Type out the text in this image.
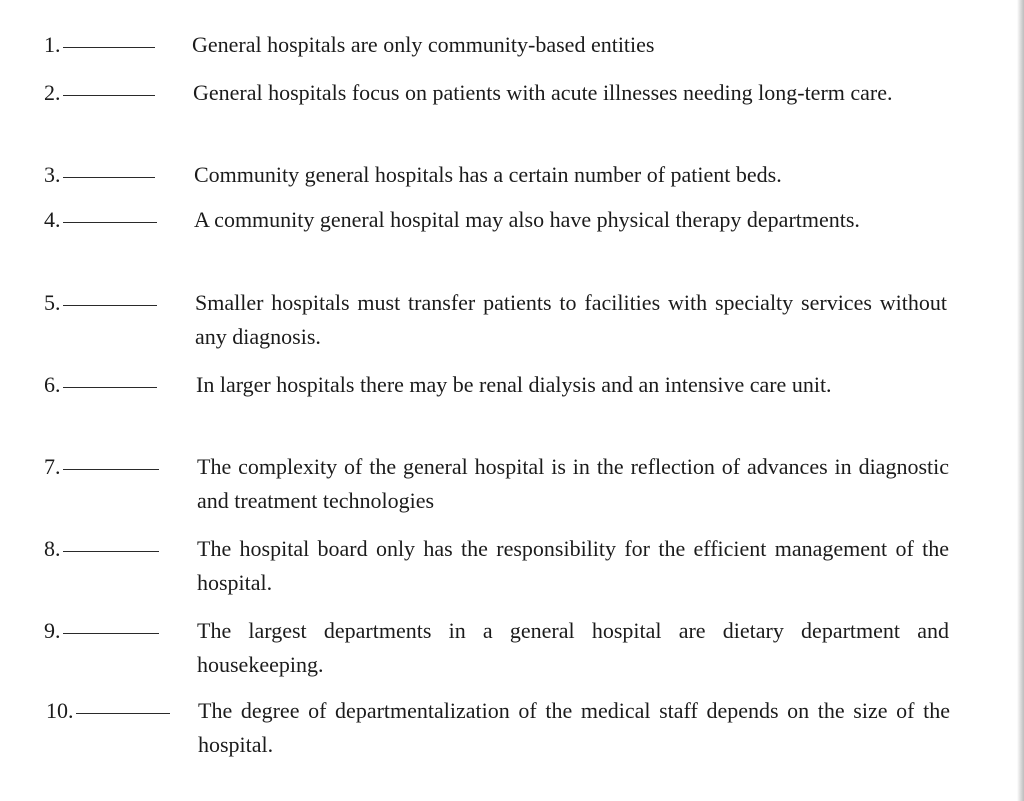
1.	General hospitals are only community-based entities
2.	General hospitals focus on patients with acute illnesses needing long-term care.
3.	Community general hospitals has a certain number of patient beds.
4.	A community general hospital may also have physical therapy departments.
5.	Smaller hospitals must transfer patients to facilities with specialty services without any diagnosis.
6.	In larger hospitals there may be renal dialysis and an intensive care unit.
7.	The complexity of the general hospital is in the reflection of advances in diagnostic and treatment technologies
8.	The hospital board only has the responsibility for the efficient management of the hospital.
9.	The largest departments in a general hospital are dietary department and housekeeping.
10.	The degree of departmentalization of the medical staff depends on the size of the hospital.
